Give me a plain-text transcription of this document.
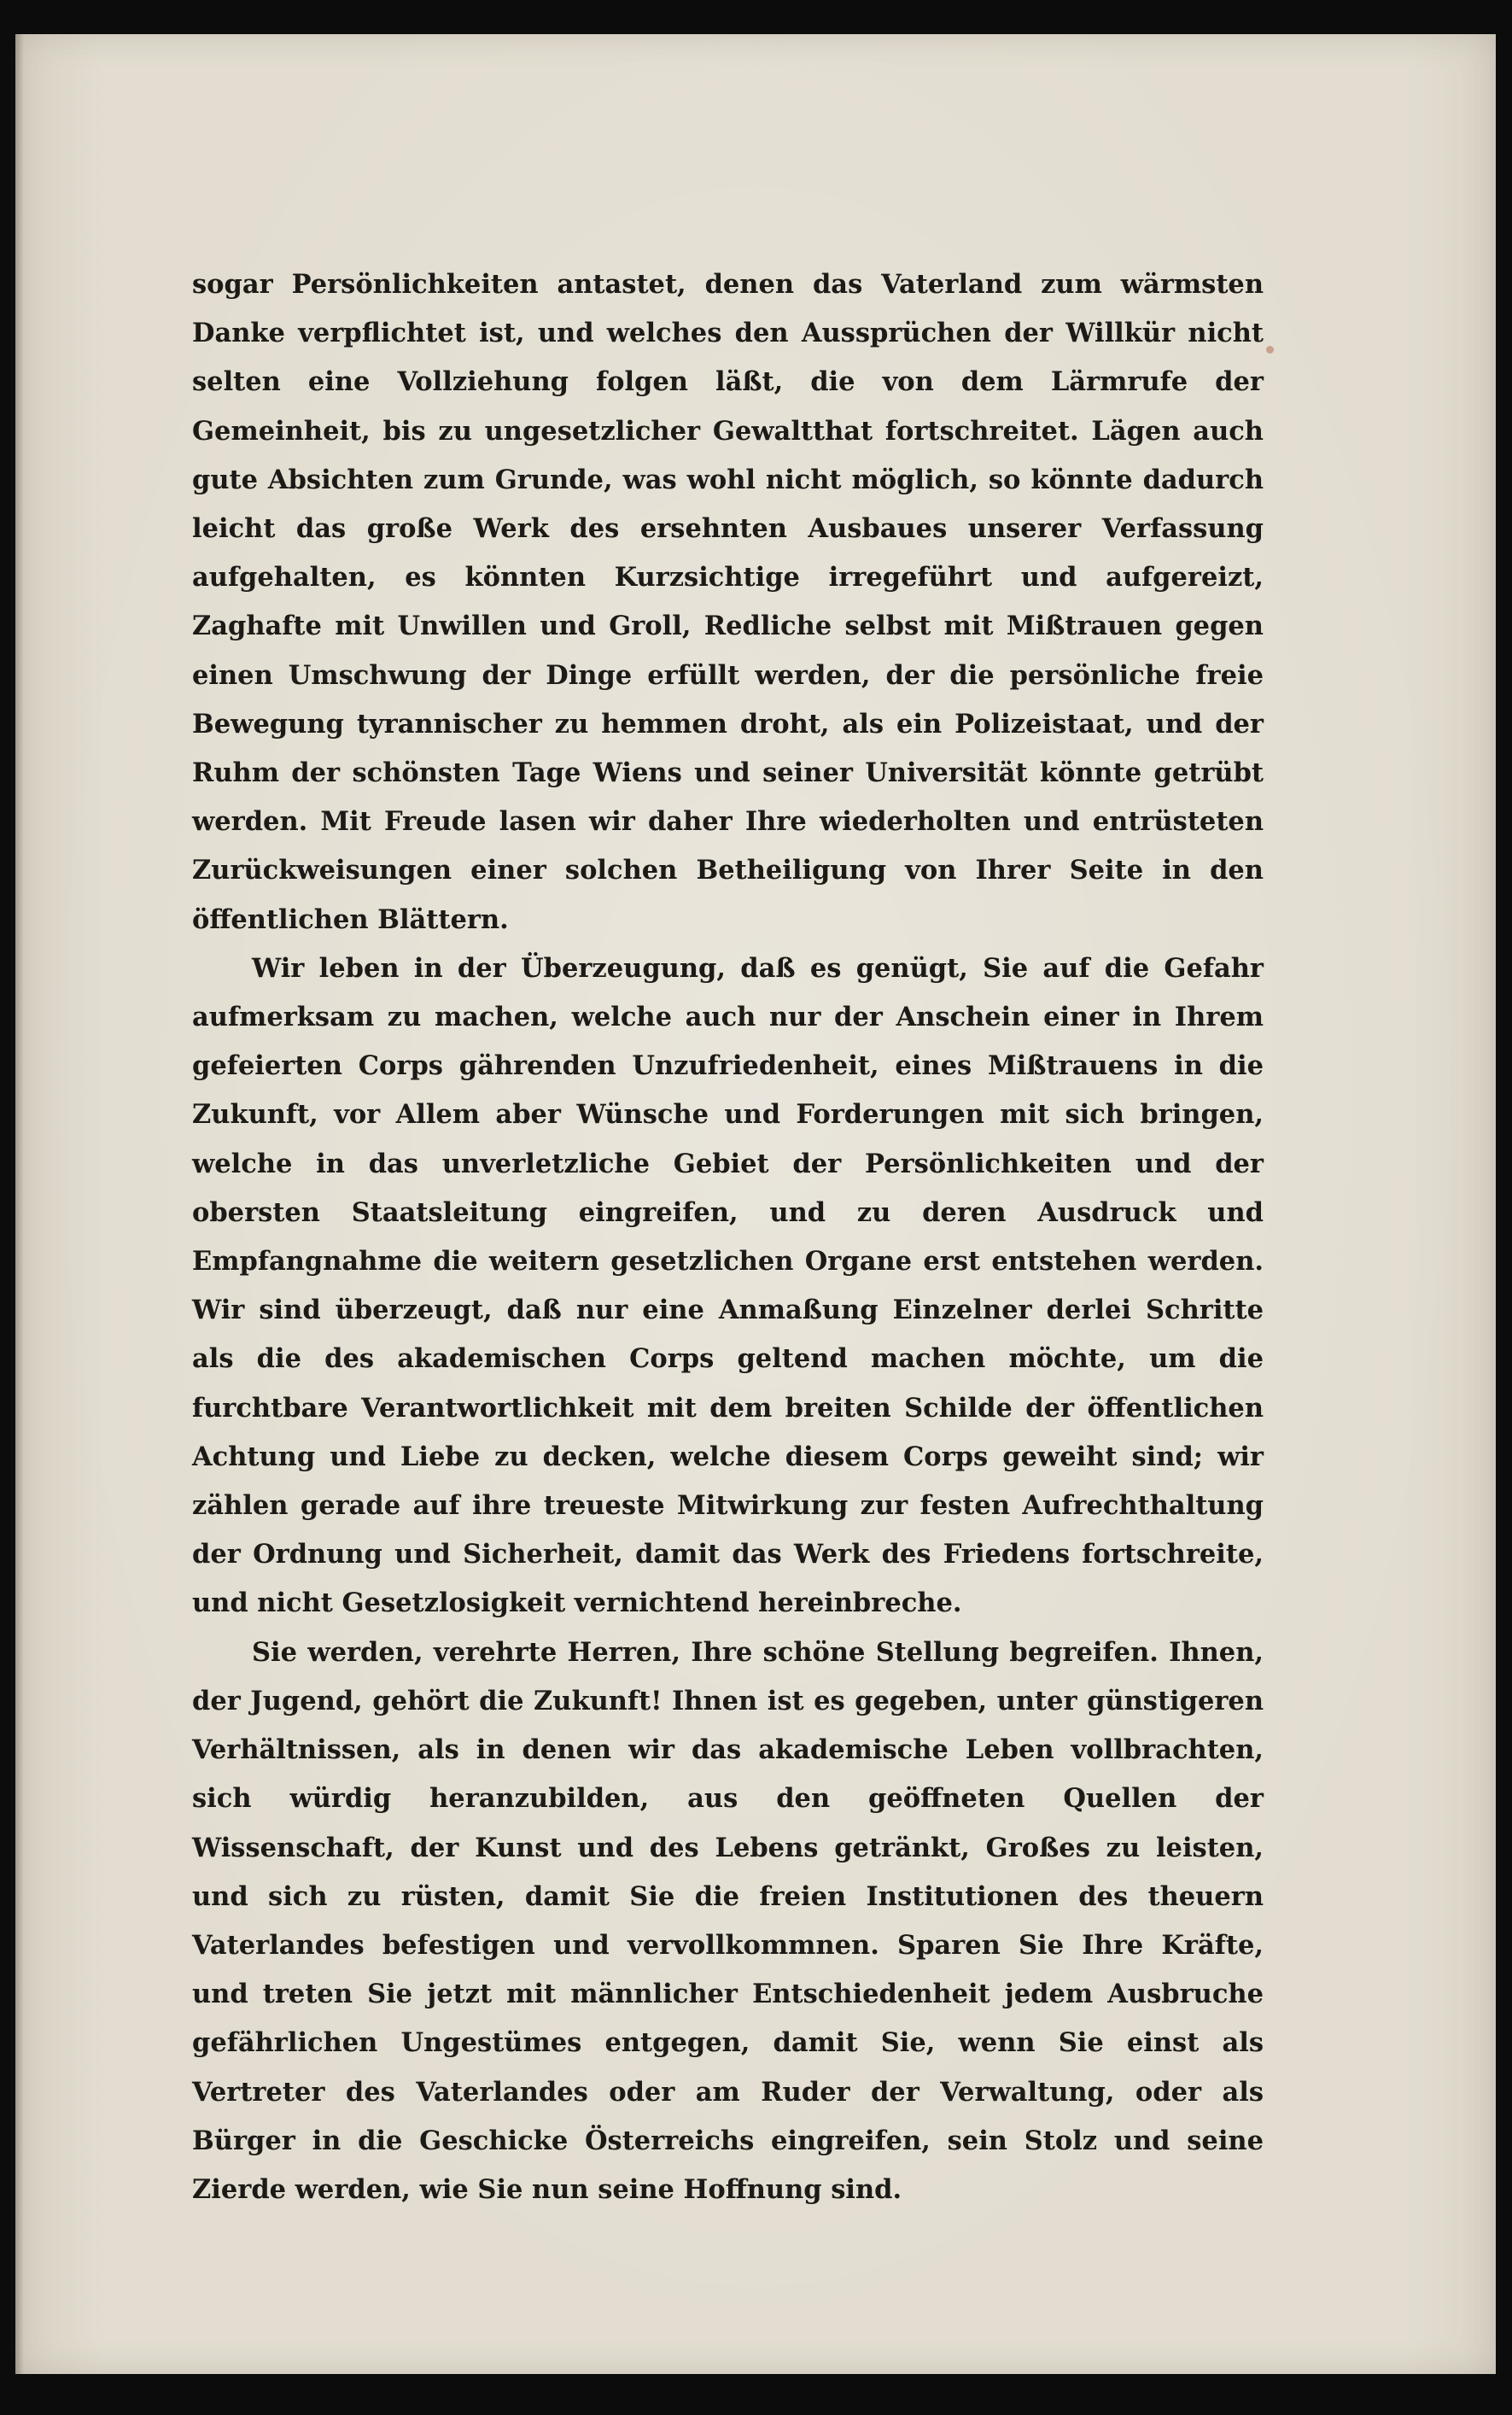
sogar Persönlichkeiten antastet, denen das Vaterland zum wärmsten Danke verpflichtet ist, und welches den Aussprüchen der Willkür nicht selten eine Vollziehung folgen läßt, die von dem Lärmrufe der Gemeinheit, bis zu ungesetzlicher Gewaltthat fortschreitet. Lägen auch gute Absichten zum Grunde, was wohl nicht möglich, so könnte dadurch leicht das große Werk des ersehnten Ausbaues unserer Verfassung aufgehalten, es könnten Kurzsichtige irregeführt und aufgereizt, Zaghafte mit Unwillen und Groll, Redliche selbst mit Mißtrauen gegen einen Umschwung der Dinge erfüllt werden, der die persönliche freie Bewegung tyrannischer zu hemmen droht, als ein Polizeistaat, und der Ruhm der schönsten Tage Wiens und seiner Universität könnte getrübt werden. Mit Freude lasen wir daher Ihre wiederholten und entrüsteten Zurückweisungen einer solchen Betheiligung von Ihrer Seite in den öffentlichen Blättern.

Wir leben in der Überzeugung, daß es genügt, Sie auf die Gefahr aufmerksam zu machen, welche auch nur der Anschein einer in Ihrem gefeierten Corps gährenden Unzufriedenheit, eines Mißtrauens in die Zukunft, vor Allem aber Wünsche und Forderungen mit sich bringen, welche in das unverletzliche Gebiet der Persönlichkeiten und der obersten Staatsleitung eingreifen, und zu deren Ausdruck und Empfangnahme die weitern gesetzlichen Organe erst entstehen werden. Wir sind überzeugt, daß nur eine Anmaßung Einzelner derlei Schritte als die des akademischen Corps geltend machen möchte, um die furchtbare Verantwortlichkeit mit dem breiten Schilde der öffentlichen Achtung und Liebe zu decken, welche diesem Corps geweiht sind; wir zählen gerade auf ihre treueste Mitwirkung zur festen Aufrechthaltung der Ordnung und Sicherheit, damit das Werk des Friedens fortschreite, und nicht Gesetzlosigkeit vernichtend hereinbreche.

Sie werden, verehrte Herren, Ihre schöne Stellung begreifen. Ihnen, der Jugend, gehört die Zukunft! Ihnen ist es gegeben, unter günstigeren Verhältnissen, als in denen wir das akademische Leben vollbrachten, sich würdig heranzubilden, aus den geöffneten Quellen der Wissenschaft, der Kunst und des Lebens getränkt, Großes zu leisten, und sich zu rüsten, damit Sie die freien Institutionen des theuern Vaterlandes befestigen und vervollkommnen. Sparen Sie Ihre Kräfte, und treten Sie jetzt mit männlicher Entschiedenheit jedem Ausbruche gefährlichen Ungestümes entgegen, damit Sie, wenn Sie einst als Vertreter des Vaterlandes oder am Ruder der Verwaltung, oder als Bürger in die Geschicke Österreichs eingreifen, sein Stolz und seine Zierde werden, wie Sie nun seine Hoffnung sind.
